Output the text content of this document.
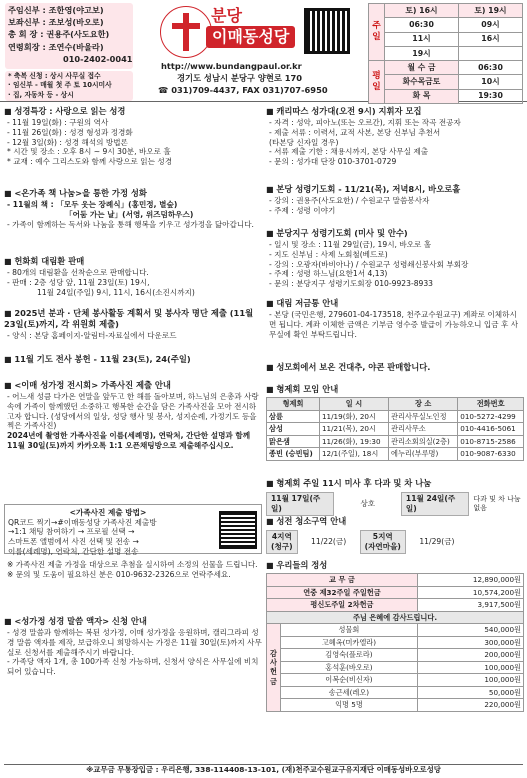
주임신부 : 조한영(야고보)
보좌신부 : 조보성(바오로)
총 회 장 : 권용주(사도요한)
연령회장 : 조연수(바울라)
010-2402-0041
* 축복 신청 : 상시 사무실 접수
· 임신부 - 매월 첫 주 토 10시미사
· 집, 자동차 등 - 상시
분당
이매동성당
http://www.bundangpaul.or.kr
경기도 성남시 분당구 양현로 170
☎ 031)709-4437, FAX 031)707-6950
주일	토) 16시	토) 19시
	06:30	09시
	11시	16시
	19시	
평일	월 수 금	06:30
	화수목금토	10시
	화 목	19:30
■ 성경특강 : 사랑으로 읽는 성경
- 11월 19일(화) : 구원의 역사
- 11월 26일(화) : 성경 형성과 정경화
- 12월 3일(화) : 성경 해석의 방법론
* 시간 및 장소 : 오후 8시 ~ 9시 30분, 바오로 홀
* 교재 : 예수 그리스도와 함께 사랑으로 읽는 성경
■ <온가족 책 나눔>을 통한 가정 성화
- 11월의 책 : 「모두 웃는 장례식」(홍민정, 별숲)
「어둠 가는 날」(서영, 위즈덤하우스)
- 가족이 함께하는 독서와 나눔을 통해 행복을 키우고 성가정을 닮아갑니다.
■ 헌화회 대림환 판매
- 80개의 대림환을 선착순으로 판매합니다.
- 판매 : 2층 성당 앞, 11월 23일(토) 19시,
11월 24일(주일) 9시, 11시, 16시(소진시까지)
■ 2025년 분과 · 단체 봉사활동 계획서 및 봉사자 명단 제출 (11월 23일(토)까지, 각 위원회 제출)
- 양식 : 본당 홈페이지-알림터-자료실에서 다운로드
■ 11월 기도 전사 봉헌 - 11월 23(토), 24(주일)
■ <이매 성가정 전시회> 가족사진 제출 안내
- 어느새 성큼 다가온 연말을 앞두고 한 해를 돌아보며, 하느님의 은총과 사랑 속에 가족이 함께했던 소중하고 행복한 순간을 담은 가족사진을 모아 전시하고자 합니다. (성당에서의 일상, 성당 행사 및 봉사, 성지순례, 가정기도 등을 찍은 가족사진)
2024년에 촬영한 가족사진을 이름(세례명), 연락처, 간단한 설명과 함께 11월 30일(토)까지 카카오톡 1:1 오픈채팅방으로 제출해주십시오.
<가족사진 제출 방법>
QR코드 찍기→#이매동성당 가족사진 제출방
→1:1 채팅 참여하기 → 프로필 선택 →
스마트폰 앨범에서 사진 선택 및 전송 →
이름(세례명), 연락처, 간단한 설명 전송
※ 가족사진 제출 가정을 대상으로 추첨을 실시하여 소정의 선물을 드립니다.
※ 문의 및 도움이 필요하신 분은 010-9632-2326으로 연락주세요.
■ <성가정 성경 말씀 액자> 신청 안내
- 성경 말씀과 함께하는 복된 성가정, 이매 성가정을 응원하며, 캘리그라피 성경 말씀 액자를 제작, 보급하오니 희망하시는 가정은 11월 30일(토)까지 사무실로 신청서를 제출해주시기 바랍니다.
- 가족당 액자 1개, 총 100가족 신청 가능하며, 신청서 양식은 사무실에 비치되어 있습니다.
■ 캐리따스 성가대(오전 9시) 지휘자 모집
- 자격 : 성악, 피아노(또는 오르간), 지휘 또는 작곡 전공자
- 제출 서류 : 이력서, 교적 사본, 본당 신부님 추천서
(타본당 신자일 경우)
- 서류 제출 기한 : 채용시까지, 본당 사무실 제출
- 문의 : 성가대 단장 010-3701-0729
■ 본당 성령기도회 - 11/21(목), 저녁8시, 바오로홀
- 강의 : 권용주(사도요한) / 수원교구 말씀봉사자
- 주제 : 성령 이야기
■ 분당지구 성령기도회 (미사 및 안수)
- 일시 및 장소 : 11월 29일(금), 19시, 바오로 홀
- 지도 신부님 : 사제 노회철(베드로)
- 강의 : 오광자(바비아나) / 수원교구 성령쇄신봉사회 부회장
- 주제 : 성령 하느님(요한1서 4,13)
- 문의 : 분당지구 성령기도회장 010-9923-8933
■ 대림 저금통 안내
- 본당 (국민은행, 279601-04-173518, 천주교수원교구) 계좌로 이체하시면 됩니다. 계좌 이체한 금액은 기부금 영수증 발급이 가능하오니 입금 후 사무실에 확인 부탁드립니다.
■ 성모회에서 보온 건대추, 야콘 판매합니다.
■ 형제회 모임 안내
형제회	일 시	장 소	전화번호
삼륜	11/19(화), 20시	관리사무실노인정	010-5272-4299
삼성	11/21(목), 20시	관리사무소	010-4416-5061
맑은샘	11/26(화), 19:30	관리소회의실(2층)	010-8715-2586
종빈 (승빈팀)	12/1(주일), 18시	에누리(부루명)	010-9087-6330
■ 형제회 주일 11시 미사 후 다과 및 차 나눔
11월 17일(주일)
상호
11월 24일(주일)
다과 및 차 나눔없음
■ 성전 청소구역 안내
4지역
(청구)
11/22(금)
5지역
(자연마을)
11/29(금)
■ 우리들의 정성
교 무 금		12,890,000원
연중 제32주일 주일헌금		10,574,200원
평신도주일 2차헌금		3,917,500원
주님 은혜에 감사드립니다.		
감사헌금	성물회	540,000원
	고혜옥(미카엘라)	300,000원
	김영숙(플로라)	200,000원
	홍석훈(바오로)	100,000원
	이복순(비신자)	100,000원
	송근세(레오)	50,000원
	익명 5명	220,000원
※교무금 무통장입금 : 우리은행, 338-114408-13-101, (재)천주교수원교구유지재단 이매동성바오로성당
